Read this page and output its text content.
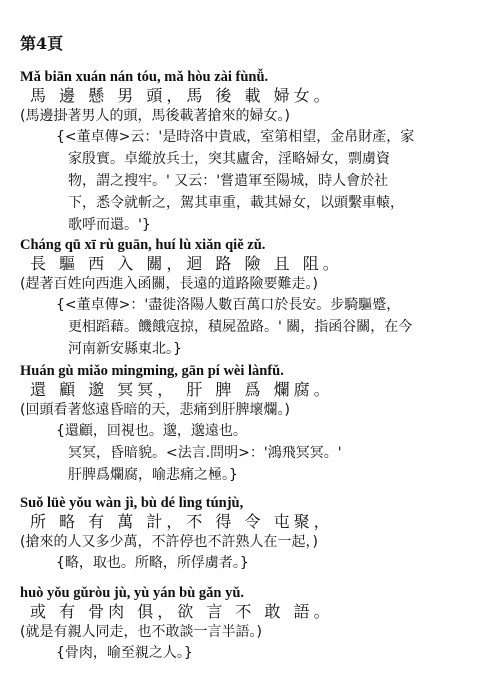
第4頁
Mǎ biān xuán nán tóu, mǎ hòu zài fùnǚ.
馬 邊 懸 男 頭，馬 後 載 婦女。
(馬邊掛著男人的頭，馬後載著搶來的婦女。)
{<董卓傳>云：'是時洛中貴戚，室第相望，金帛財產，家
家殷實。卓縱放兵士，突其廬舍，淫略婦女，剽虜資
物，謂之搜牢。' 又云：'嘗遣軍至陽城，時人會於社
下，悉令就斬之，駕其車重，載其婦女，以頭繫車轅，
歌呼而還。'}
Cháng qū xī rù guān, huí lù xiǎn qiě zǔ.
長 驅 西 入 關，迴 路 險 且 阻。
(趕著百姓向西進入函關，長遠的道路險要難走。)
{<董卓傳>：'盡徙洛陽人數百萬口於長安。步騎驅蹙，
更相蹈藉。饑餓寇掠，積屍盈路。' 關，指函谷關，在今
河南新安縣東北。}
Huán gù miǎo mingming, gān pí wèi lànfǔ.
還 顧 邈 冥冥， 肝 脾 爲 爛腐。
(回頭看著悠遠昏暗的天，悲痛到肝脾壞爛。)
{還顧，回視也。邈，邈遠也。
冥冥，昏暗貌。<法言.問明>：'鴻飛冥冥。'
肝脾爲爛腐，喻悲痛之極。}
Suǒ lüè yǒu wàn jì, bù dé lìng túnjù,
所 略 有 萬 計，不 得 令 屯聚，
(搶來的人又多少萬，不許停也不許熟人在一起，)
{略，取也。所略，所俘虜者。}
huò yǒu gǔròu jù, yù yán bù gǎn yǔ.
或 有 骨肉 俱，欲 言 不 敢 語。
(就是有親人同走，也不敢談一言半語。)
{骨肉，喻至親之人。}
